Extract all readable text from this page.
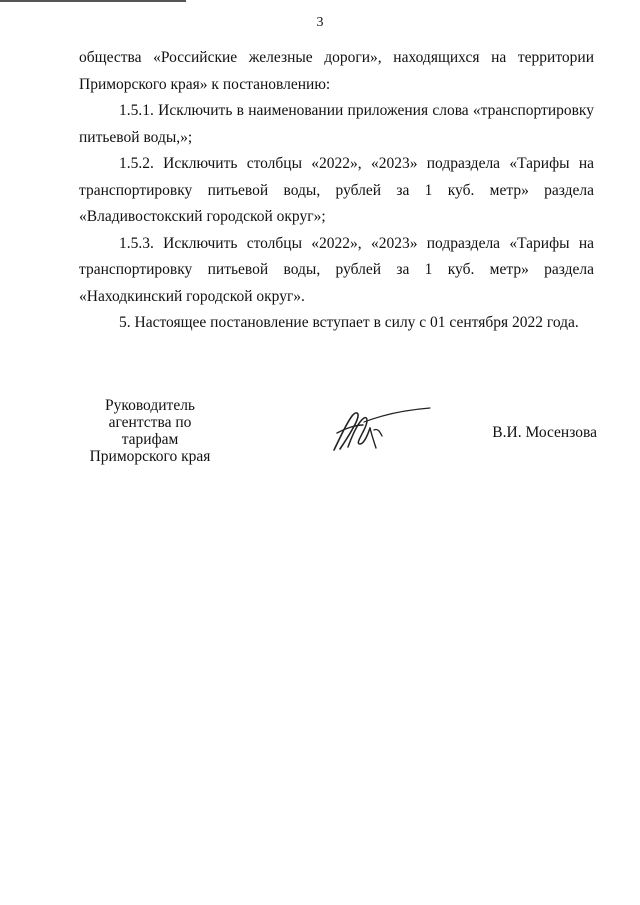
3

общества «Российские железные дороги», находящихся на территории

Приморского края» к постановлению:

1.5.1. Исключить в наименовании приложения слова «транспортировку

питьевой воды,»;

1.5.2. Исключить столбцы «2022», «2023» подраздела «Тарифы на

транспортировку питьевой воды, рублей за 1 куб. метр» раздела

«Владивостокский городской округ»;

1.5.3. Исключить столбцы «2022», «2023» подраздела «Тарифы на

транспортировку питьевой воды, рублей за 1 куб. метр» раздела

«Находкинский городской округ».

5. Настоящее постановление вступает в силу с 01 сентября 2022 года.

Руководитель
агентства по тарифам
Приморского края
В.И. Мосензова
